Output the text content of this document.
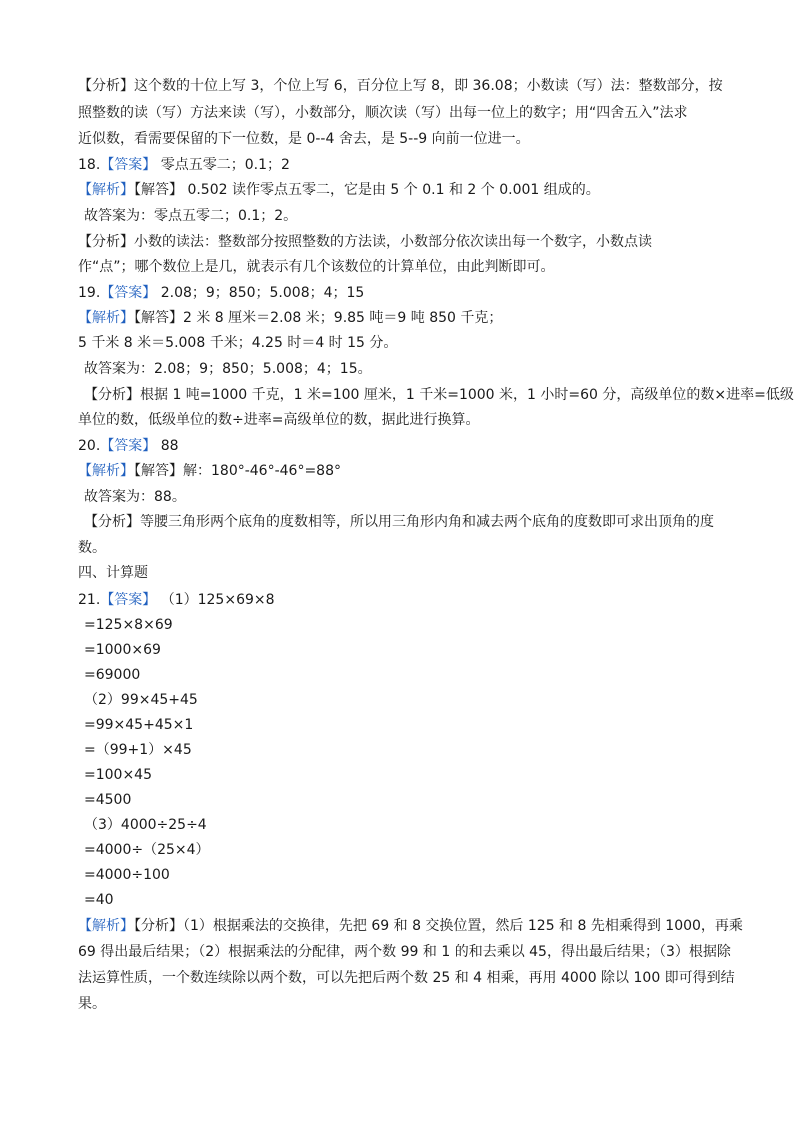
【分析】这个数的十位上写 3，个位上写 6，百分位上写 8，即 36.08；小数读（写）法：整数部分，按
照整数的读（写）方法来读（写），小数部分，顺次读（写）出每一位上的数字；用“四舍五入”法求
近似数，看需要保留的下一位数，是 0--4 舍去，是 5--9 向前一位进一。
18.【答案】 零点五零二；0.1；2
【解析】【解答】 0.502 读作零点五零二，它是由 5 个 0.1 和 2 个 0.001 组成的。
故答案为：零点五零二；0.1；2。
【分析】小数的读法：整数部分按照整数的方法读，小数部分依次读出每一个数字，小数点读
作“点”；哪个数位上是几，就表示有几个该数位的计算单位，由此判断即可。
19.【答案】 2.08；9；850；5.008；4；15
【解析】【解答】2 米 8 厘米＝2.08 米；9.85 吨＝9 吨 850 千克；
5 千米 8 米＝5.008 千米；4.25 时＝4 时 15 分。
故答案为：2.08；9；850；5.008；4；15。
【分析】根据 1 吨=1000 千克，1 米=100 厘米，1 千米=1000 米，1 小时=60 分，高级单位的数×进率=低级
单位的数，低级单位的数÷进率=高级单位的数，据此进行换算。
20.【答案】 88
【解析】【解答】解：180°-46°-46°=88°
故答案为：88。
【分析】等腰三角形两个底角的度数相等，所以用三角形内角和减去两个底角的度数即可求出顶角的度
数。
四、计算题
21.【答案】 （1）125×69×8
=125×8×69
=1000×69
=69000
（2）99×45+45
=99×45+45×1
=（99+1）×45
=100×45
=4500
（3）4000÷25÷4
=4000÷（25×4）
=4000÷100
=40
【解析】【分析】（1）根据乘法的交换律，先把 69 和 8 交换位置，然后 125 和 8 先相乘得到 1000，再乘
69 得出最后结果；（2）根据乘法的分配律，两个数 99 和 1 的和去乘以 45，得出最后结果；（3）根据除
法运算性质，一个数连续除以两个数，可以先把后两个数 25 和 4 相乘，再用 4000 除以 100 即可得到结
果。
